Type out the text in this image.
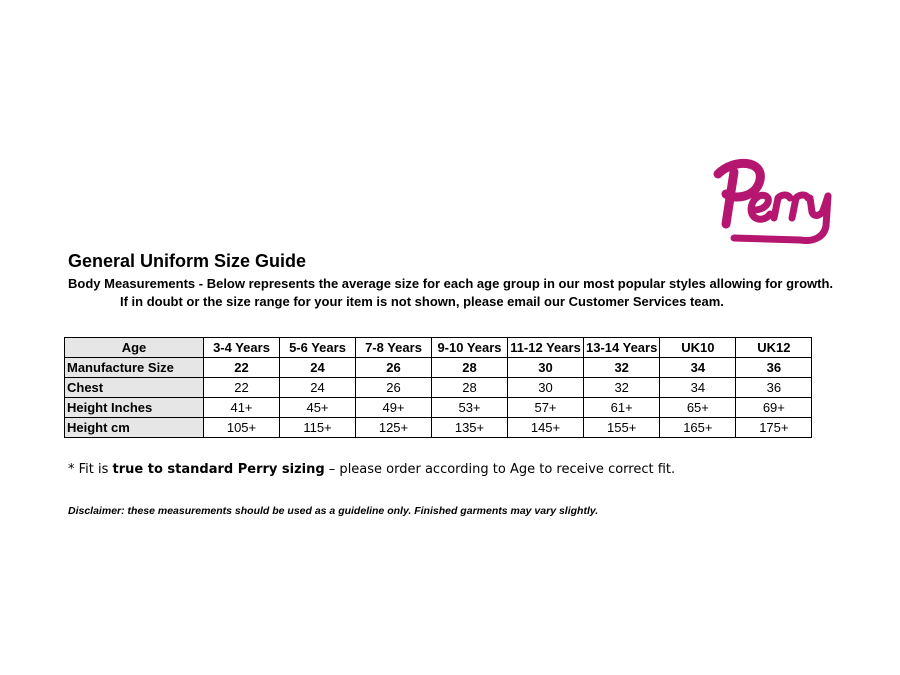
General Uniform Size Guide
Body Measurements - Below represents the average size for each age group in our most popular styles allowing for growth.
If in doubt or the size range for your item is not shown, please email our Customer Services team.
Age	3-4 Years	5-6 Years	7-8 Years	9-10 Years	11-12 Years	13-14 Years	UK10	UK12
Manufacture Size	22	24	26	28	30	32	34	36
Chest	22	24	26	28	30	32	34	36
Height Inches	41+	45+	49+	53+	57+	61+	65+	69+
Height cm	105+	115+	125+	135+	145+	155+	165+	175+
* Fit is true to standard Perry sizing – please order according to Age to receive correct fit.
Disclaimer: these measurements should be used as a guideline only. Finished garments may vary slightly.
